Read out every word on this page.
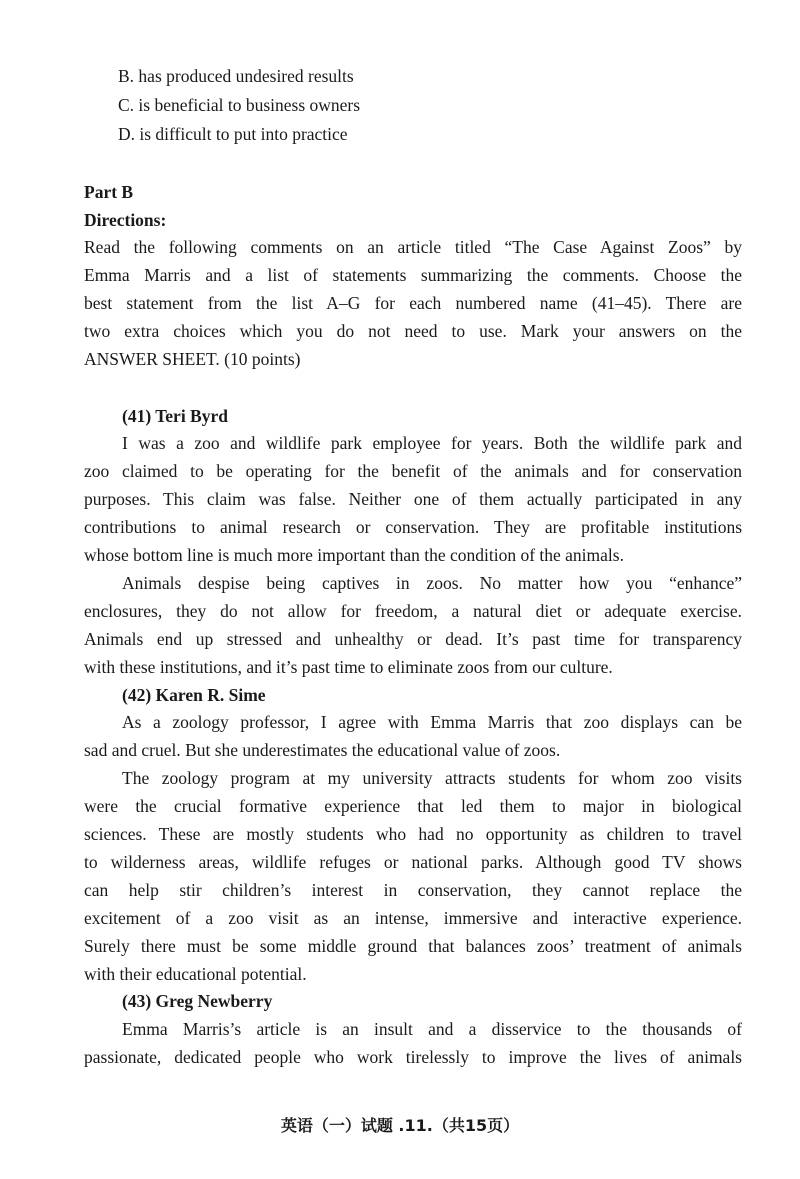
B. has produced undesired results
C. is beneficial to business owners
D. is difficult to put into practice
Part B
Directions:
Read the following comments on an article titled “The Case Against Zoos” by
Emma Marris and a list of statements summarizing the comments. Choose the
best statement from the list A–G for each numbered name (41–45). There are
two extra choices which you do not need to use. Mark your answers on the
ANSWER SHEET. (10 points)
(41) Teri Byrd
I was a zoo and wildlife park employee for years. Both the wildlife park and
zoo claimed to be operating for the benefit of the animals and for conservation
purposes. This claim was false. Neither one of them actually participated in any
contributions to animal research or conservation. They are profitable institutions
whose bottom line is much more important than the condition of the animals.
Animals despise being captives in zoos. No matter how you “enhance”
enclosures, they do not allow for freedom, a natural diet or adequate exercise.
Animals end up stressed and unhealthy or dead. It’s past time for transparency
with these institutions, and it’s past time to eliminate zoos from our culture.
(42) Karen R. Sime
As a zoology professor, I agree with Emma Marris that zoo displays can be
sad and cruel. But she underestimates the educational value of zoos.
The zoology program at my university attracts students for whom zoo visits
were the crucial formative experience that led them to major in biological
sciences. These are mostly students who had no opportunity as children to travel
to wilderness areas, wildlife refuges or national parks. Although good TV shows
can help stir children’s interest in conservation, they cannot replace the
excitement of a zoo visit as an intense, immersive and interactive experience.
Surely there must be some middle ground that balances zoos’ treatment of animals
with their educational potential.
(43) Greg Newberry
Emma Marris’s article is an insult and a disservice to the thousands of
passionate, dedicated people who work tirelessly to improve the lives of animals
英语（一）试题 .11.（共15页）
